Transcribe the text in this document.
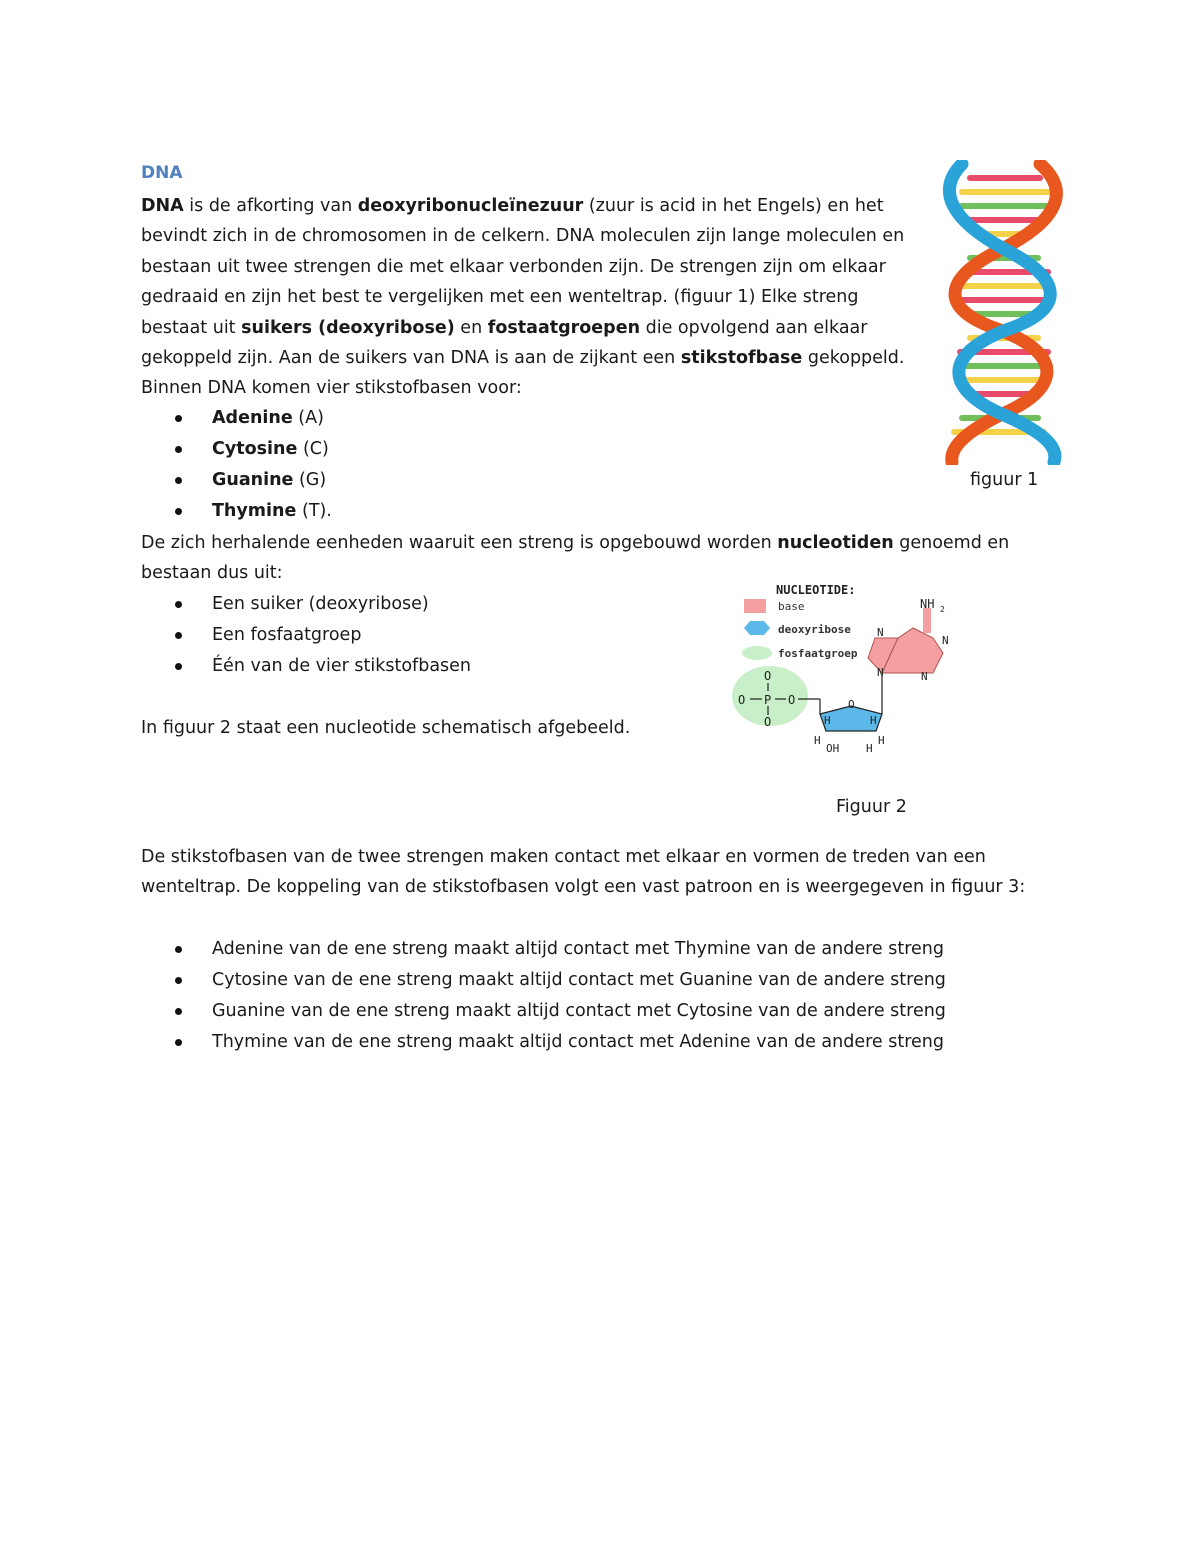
DNA
DNA is de afkorting van deoxyribonucleïnezuur (zuur is acid in het Engels) en het
bevindt zich in de chromosomen in de celkern. DNA moleculen zijn lange moleculen en
bestaan uit twee strengen die met elkaar verbonden zijn. De strengen zijn om elkaar
gedraaid en zijn het best te vergelijken met een wenteltrap. (figuur 1) Elke streng
bestaat uit suikers (deoxyribose) en fostaatgroepen die opvolgend aan elkaar
gekoppeld zijn. Aan de suikers van DNA is aan de zijkant een stikstofbase gekoppeld.
Binnen DNA komen vier stikstofbasen voor:
Adenine (A)
Cytosine (C)
Guanine (G)
Thymine (T).
De zich herhalende eenheden waaruit een streng is opgebouwd worden nucleotiden genoemd en
bestaan dus uit:
Een suiker (deoxyribose)
Een fosfaatgroep
Één van de vier stikstofbasen
In figuur 2 staat een nucleotide schematisch afgebeeld.
figuur 1
NUCLEOTIDE:
base
deoxyribose
fosfaatgroep
O
O
O P O	O
H	H
H
OH H
H
NH 2
N
N
N
N
Figuur 2
De stikstofbasen van de twee strengen maken contact met elkaar en vormen de treden van een
wenteltrap. De koppeling van de stikstofbasen volgt een vast patroon en is weergegeven in figuur 3:
Adenine van de ene streng maakt altijd contact met Thymine van de andere streng
Cytosine van de ene streng maakt altijd contact met Guanine van de andere streng
Guanine van de ene streng maakt altijd contact met Cytosine van de andere streng
Thymine van de ene streng maakt altijd contact met Adenine van de andere streng
